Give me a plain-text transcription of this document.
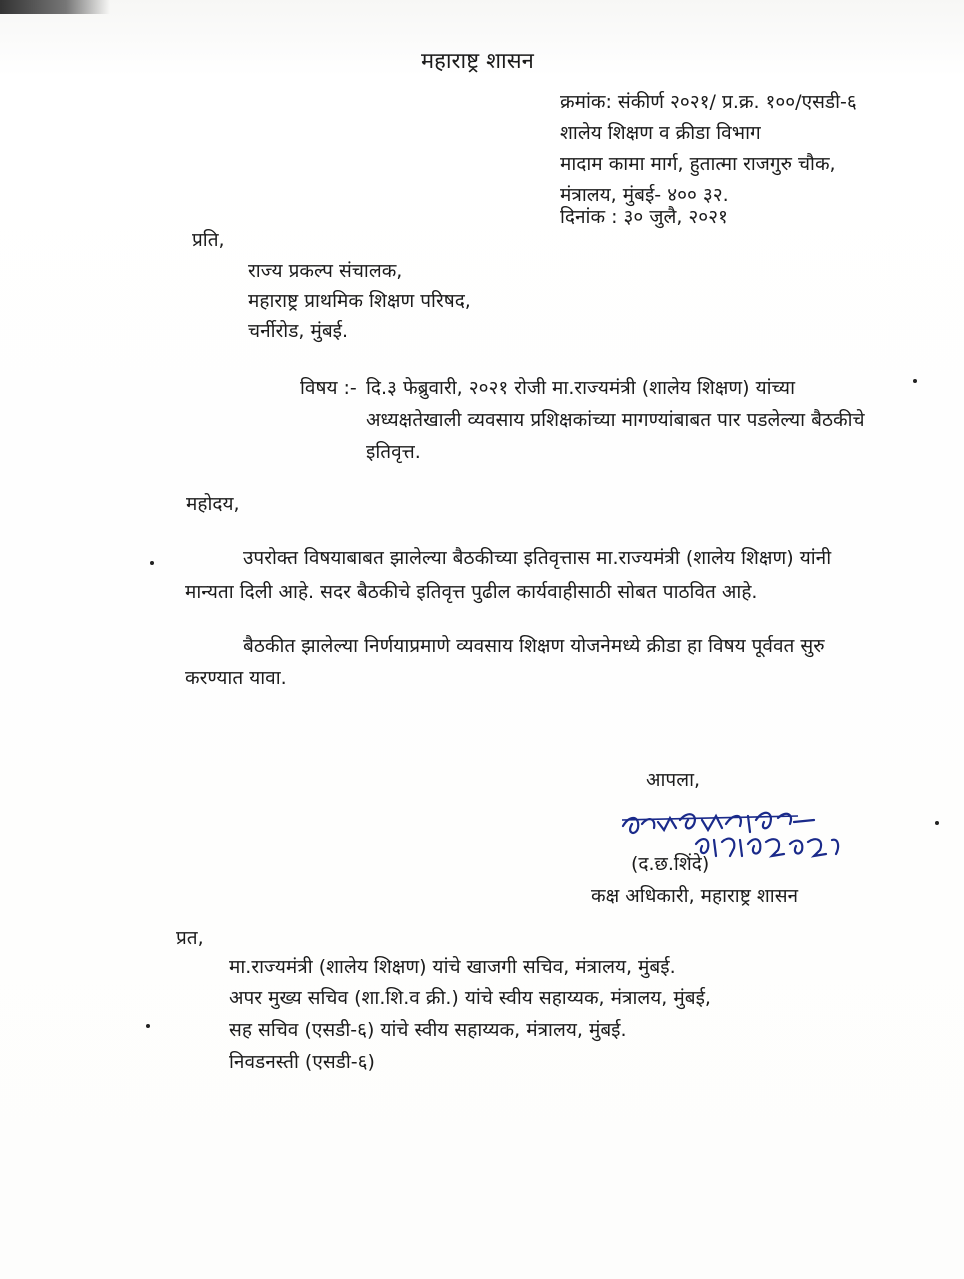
महाराष्ट्र शासन
क्रमांक: संकीर्ण २०२१/ प्र.क्र. १००/एसडी-६
शालेय शिक्षण व क्रीडा विभाग
मादाम कामा मार्ग, हुतात्मा राजगुरु चौक,
मंत्रालय, मुंबई- ४०० ३२.
दिनांक : ३० जुलै, २०२१
प्रति,
राज्य प्रकल्प संचालक,
महाराष्ट्र प्राथमिक शिक्षण परिषद,
चर्नीरोड, मुंबई.
विषय :- दि.३ फेब्रुवारी, २०२१ रोजी मा.राज्यमंत्री (शालेय शिक्षण) यांच्या
अध्यक्षतेखाली व्यवसाय प्रशिक्षकांच्या मागण्यांबाबत पार पडलेल्या बैठकीचे
इतिवृत्त.
महोदय,
उपरोक्त विषयाबाबत झालेल्या बैठकीच्या इतिवृत्तास मा.राज्यमंत्री (शालेय शिक्षण) यांनी
मान्यता दिली आहे. सदर बैठकीचे इतिवृत्त पुढील कार्यवाहीसाठी सोबत पाठवित आहे.
बैठकीत झालेल्या निर्णयाप्रमाणे व्यवसाय शिक्षण योजनेमध्ये क्रीडा हा विषय पूर्ववत सुरु
करण्यात यावा.
आपला,
(द.छ.शिंदे)
कक्ष अधिकारी, महाराष्ट्र शासन
प्रत,
मा.राज्यमंत्री (शालेय शिक्षण) यांचे खाजगी सचिव, मंत्रालय, मुंबई.
अपर मुख्य सचिव (शा.शि.व क्री.) यांचे स्वीय सहाय्यक, मंत्रालय, मुंबई,
सह सचिव (एसडी-६) यांचे स्वीय सहाय्यक, मंत्रालय, मुंबई.
निवडनस्ती (एसडी-६)
